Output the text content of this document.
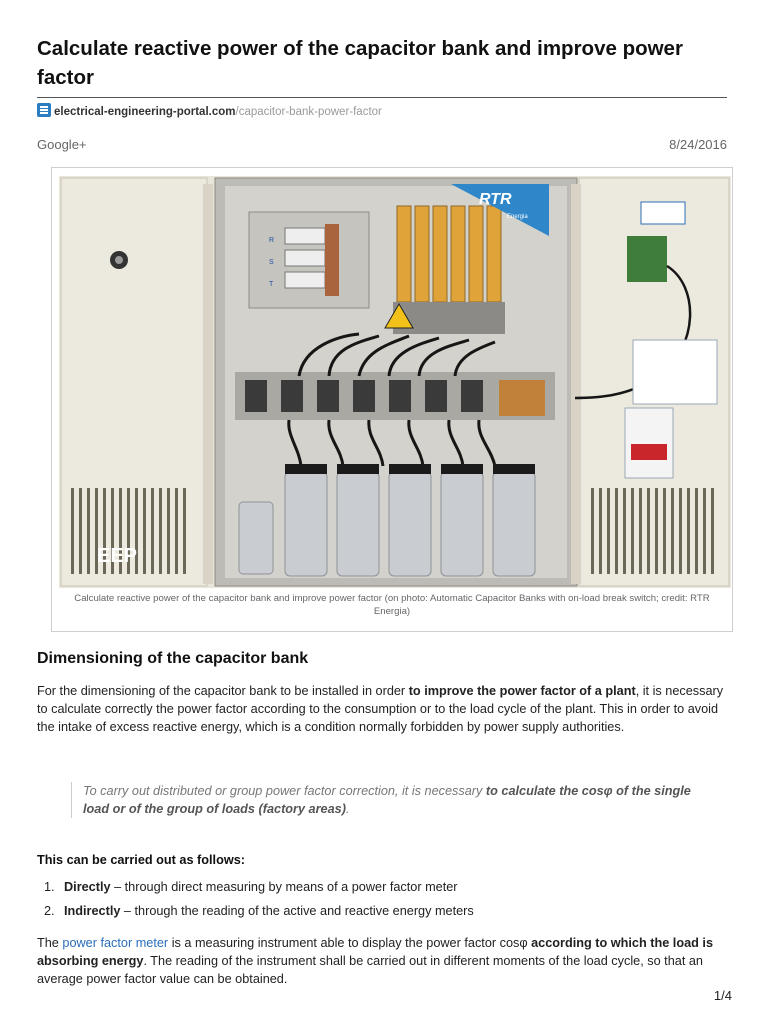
Calculate reactive power of the capacitor bank and improve power factor
electrical-engineering-portal.com/capacitor-bank-power-factor
Google+	8/24/2016
EEP
R
S
T
RTR
Energia
Calculate reactive power of the capacitor bank and improve power factor (on photo: Automatic Capacitor Banks with on-load break switch; credit: RTR Energia)
Dimensioning of the capacitor bank

For the dimensioning of the capacitor bank to be installed in order to improve the power factor of a plant, it is necessary to calculate correctly the power factor according to the consumption or to the load cycle of the plant. This in order to avoid the intake of excess reactive energy, which is a condition normally forbidden by power supply authorities.

To carry out distributed or group power factor correction, it is necessary to calculate the cosφ of the single load or of the group of loads (factory areas).
This can be carried out as follows:
1. Directly – through direct measuring by means of a power factor meter
2. Indirectly – through the reading of the active and reactive energy meters

The power factor meter is a measuring instrument able to display the power factor cosφ according to which the load is absorbing energy. The reading of the instrument shall be carried out in different moments of the load cycle, so that an average power factor value can be obtained.

1/4
